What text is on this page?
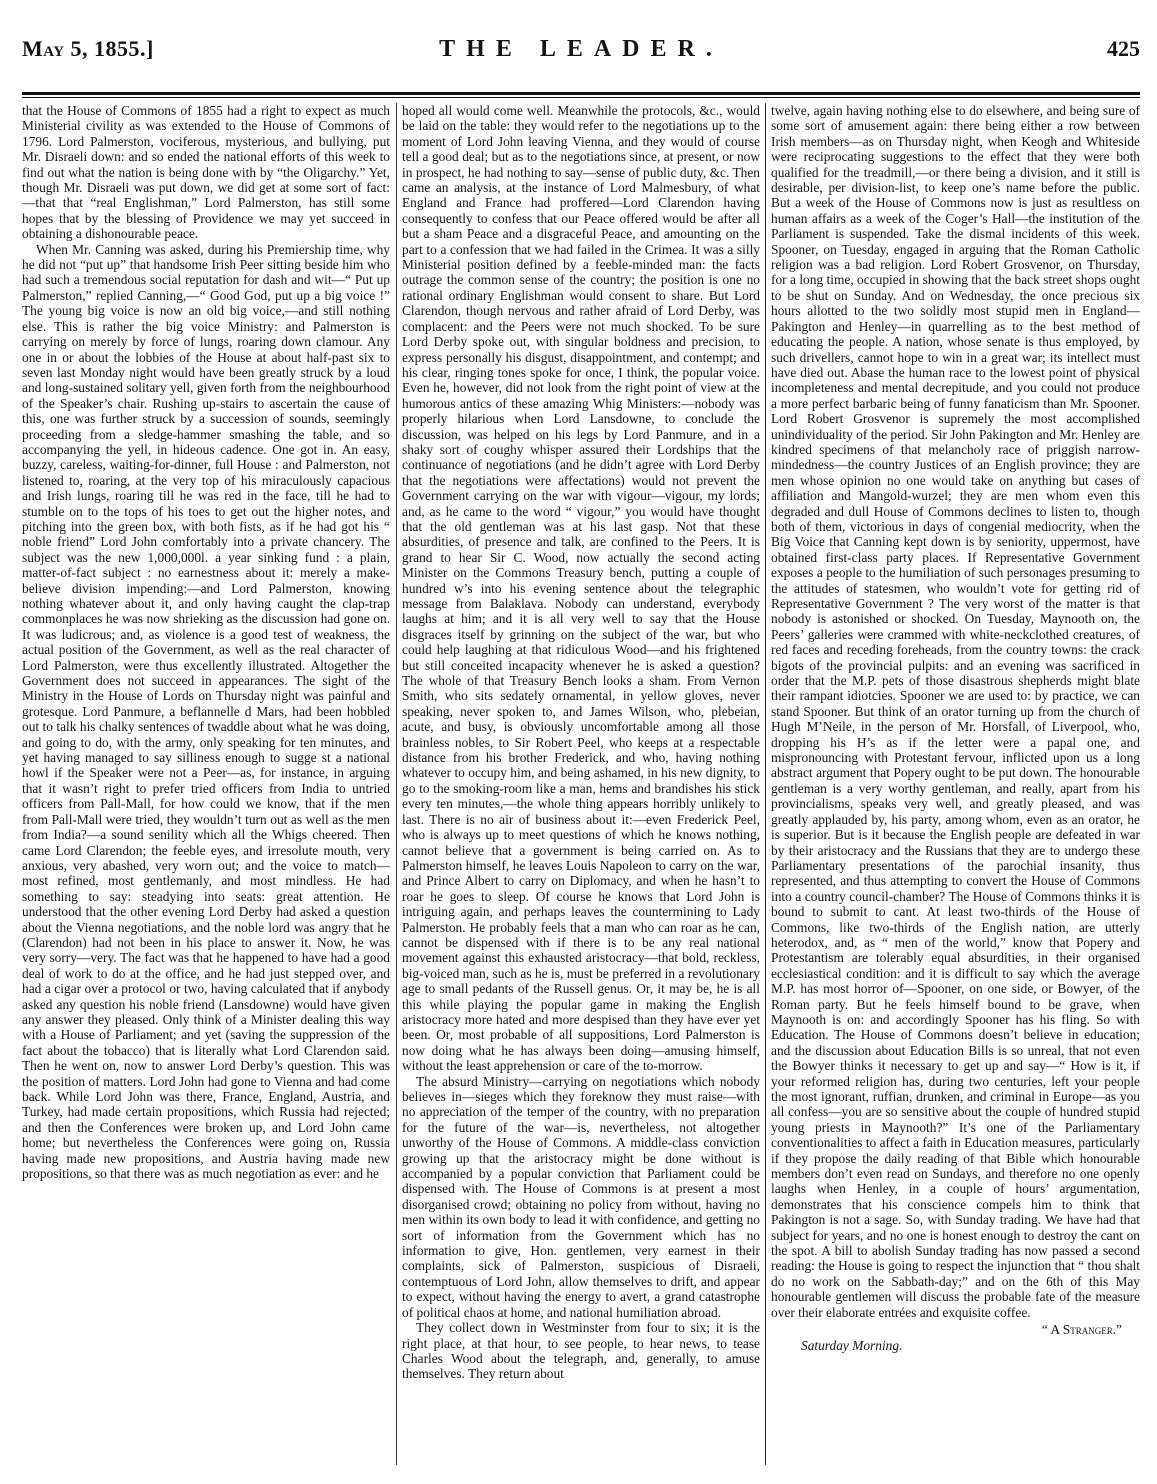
May 5, 1855.]	THE LEADER.	425

that the House of Commons of 1855 had a right to expect as much Ministerial civility as was extended to the House of Commons of 1796. Lord Palmerston, vociferous, mysterious, and bullying, put Mr. Disraeli down: and so ended the national efforts of this week to find out what the nation is being done with by “the Oligarchy.” Yet, though Mr. Disraeli was put down, we did get at some sort of fact:—that that “real Englishman,” Lord Palmerston, has still some hopes that by the blessing of Providence we may yet succeed in obtaining a dishonourable peace.

When Mr. Canning was asked, during his Premiership time, why he did not “put up” that handsome Irish Peer sitting beside him who had such a tremendous social reputation for dash and wit—“ Put up Palmerston,” replied Canning,—“ Good God, put up a big voice !” The young big voice is now an old big voice,—and still nothing else. This is rather the big voice Ministry: and Palmerston is carrying on merely by force of lungs, roaring down clamour. Any one in or about the lobbies of the House at about half-past six to seven last Monday night would have been greatly struck by a loud and long-sustained solitary yell, given forth from the neighbourhood of the Speaker’s chair. Rushing up-stairs to ascertain the cause of this, one was further struck by a succession of sounds, seemingly proceeding from a sledge-hammer smashing the table, and so accompanying the yell, in hideous cadence. One got in. An easy, buzzy, careless, waiting-for-dinner, full House : and Palmerston, not listened to, roaring, at the very top of his miraculously capacious and Irish lungs, roaring till he was red in the face, till he had to stumble on to the tops of his toes to get out the higher notes, and pitching into the green box, with both fists, as if he had got his “ noble friend” Lord John comfortably into a private chancery. The subject was the new 1,000,000l. a year sinking fund : a plain, matter-of-fact subject : no earnestness about it: merely a make-believe division impending:—and Lord Palmerston, knowing nothing whatever about it, and only having caught the clap-trap commonplaces he was now shrieking as the discussion had gone on. It was ludicrous; and, as violence is a good test of weakness, the actual position of the Government, as well as the real character of Lord Palmerston, were thus excellently illustrated. Altogether the Government does not succeed in appearances. The sight of the Ministry in the House of Lords on Thursday night was painful and grotesque. Lord Panmure, a beflannelle d Mars, had been hobbled out to talk his chalky sentences of twaddle about what he was doing, and going to do, with the army, only speaking for ten minutes, and yet having managed to say silliness enough to sugge st a national howl if the Speaker were not a Peer—as, for instance, in arguing that it wasn’t right to prefer tried officers from India to untried officers from Pall-Mall, for how could we know, that if the men from Pall-Mall were tried, they wouldn’t turn out as well as the men from India?—a sound senility which all the Whigs cheered. Then came Lord Clarendon; the feeble eyes, and irresolute mouth, very anxious, very abashed, very worn out; and the voice to match—most refined, most gentlemanly, and most mindless. He had something to say: steadying into seats: great attention. He understood that the other evening Lord Derby had asked a question about the Vienna negotiations, and the noble lord was angry that he (Clarendon) had not been in his place to answer it. Now, he was very sorry—very. The fact was that he happened to have had a good deal of work to do at the office, and he had just stepped over, and had a cigar over a protocol or two, having calculated that if anybody asked any question his noble friend (Lansdowne) would have given any answer they pleased. Only think of a Minister dealing this way with a House of Parliament; and yet (saving the suppression of the fact about the tobacco) that is literally what Lord Clarendon said. Then he went on, now to answer Lord Derby’s question. This was the position of matters. Lord John had gone to Vienna and had come back. While Lord John was there, France, England, Austria, and Turkey, had made certain propositions, which Russia had rejected; and then the Conferences were broken up, and Lord John came home; but nevertheless the Conferences were going on, Russia having made new propositions, and Austria having made new propositions, so that there was as much negotiation as ever: and he

hoped all would come well. Meanwhile the protocols, &c., would be laid on the table: they would refer to the negotiations up to the moment of Lord John leaving Vienna, and they would of course tell a good deal; but as to the negotiations since, at present, or now in prospect, he had nothing to say—sense of public duty, &c. Then came an analysis, at the instance of Lord Malmesbury, of what England and France had proffered—Lord Clarendon having consequently to confess that our Peace offered would be after all but a sham Peace and a disgraceful Peace, and amounting on the part to a confession that we had failed in the Crimea. It was a silly Ministerial position defined by a feeble-minded man: the facts outrage the common sense of the country; the position is one no rational ordinary Englishman would consent to share. But Lord Clarendon, though nervous and rather afraid of Lord Derby, was complacent: and the Peers were not much shocked. To be sure Lord Derby spoke out, with singular boldness and precision, to express personally his disgust, disappointment, and contempt; and his clear, ringing tones spoke for once, I think, the popular voice. Even he, however, did not look from the right point of view at the humorous antics of these amazing Whig Ministers:—nobody was properly hilarious when Lord Lansdowne, to conclude the discussion, was helped on his legs by Lord Panmure, and in a shaky sort of coughy whisper assured their Lordships that the continuance of negotiations (and he didn’t agree with Lord Derby that the negotiations were affectations) would not prevent the Government carrying on the war with vigour—vigour, my lords; and, as he came to the word “ vigour,” you would have thought that the old gentleman was at his last gasp. Not that these absurdities, of presence and talk, are confined to the Peers. It is grand to hear Sir C. Wood, now actually the second acting Minister on the Commons Treasury bench, putting a couple of hundred w’s into his evening sentence about the telegraphic message from Balaklava. Nobody can understand, everybody laughs at him; and it is all very well to say that the House disgraces itself by grinning on the subject of the war, but who could help laughing at that ridiculous Wood—and his frightened but still conceited incapacity whenever he is asked a question? The whole of that Treasury Bench looks a sham. From Vernon Smith, who sits sedately ornamental, in yellow gloves, never speaking, never spoken to, and James Wilson, who, plebeian, acute, and busy, is obviously uncomfortable among all those brainless nobles, to Sir Robert Peel, who keeps at a respectable distance from his brother Frederick, and who, having nothing whatever to occupy him, and being ashamed, in his new dignity, to go to the smoking-room like a man, hems and brandishes his stick every ten minutes,—the whole thing appears horribly unlikely to last. There is no air of business about it:—even Frederick Peel, who is always up to meet questions of which he knows nothing, cannot believe that a government is being carried on. As to Palmerston himself, he leaves Louis Napoleon to carry on the war, and Prince Albert to carry on Diplomacy, and when he hasn’t to roar he goes to sleep. Of course he knows that Lord John is intriguing again, and perhaps leaves the countermining to Lady Palmerston. He probably feels that a man who can roar as he can, cannot be dispensed with if there is to be any real national movement against this exhausted aristocracy—that bold, reckless, big-voiced man, such as he is, must be preferred in a revolutionary age to small pedants of the Russell genus. Or, it may be, he is all this while playing the popular game in making the English aristocracy more hated and more despised than they have ever yet been. Or, most probable of all suppositions, Lord Palmerston is now doing what he has always been doing—amusing himself, without the least apprehension or care of the to-morrow.

The absurd Ministry—carrying on negotiations which nobody believes in—sieges which they foreknow they must raise—with no appreciation of the temper of the country, with no preparation for the future of the war—is, nevertheless, not altogether unworthy of the House of Commons. A middle-class conviction growing up that the aristocracy might be done without is accompanied by a popular conviction that Parliament could be dispensed with. The House of Commons is at present a most disorganised crowd; obtaining no policy from without, having no men within its own body to lead it with confidence, and getting no sort of information from the Government which has no information to give, Hon. gentlemen, very earnest in their complaints, sick of Palmerston, suspicious of Disraeli, contemptuous of Lord John, allow themselves to drift, and appear to expect, without having the energy to avert, a grand catastrophe of political chaos at home, and national humiliation abroad.

They collect down in Westminster from four to six; it is the right place, at that hour, to see people, to hear news, to tease Charles Wood about the telegraph, and, generally, to amuse themselves. They return about

twelve, again having nothing else to do elsewhere, and being sure of some sort of amusement again: there being either a row between Irish members—as on Thursday night, when Keogh and Whiteside were reciprocating suggestions to the effect that they were both qualified for the treadmill,—or there being a division, and it still is desirable, per division-list, to keep one’s name before the public. But a week of the House of Commons now is just as resultless on human affairs as a week of the Coger’s Hall—the institution of the Parliament is suspended. Take the dismal incidents of this week. Spooner, on Tuesday, engaged in arguing that the Roman Catholic religion was a bad religion. Lord Robert Grosvenor, on Thursday, for a long time, occupied in showing that the back street shops ought to be shut on Sunday. And on Wednesday, the once precious six hours allotted to the two solidly most stupid men in England—Pakington and Henley—in quarrelling as to the best method of educating the people. A nation, whose senate is thus employed, by such drivellers, cannot hope to win in a great war; its intellect must have died out. Abase the human race to the lowest point of physical incompleteness and mental decrepitude, and you could not produce a more perfect barbaric being of funny fanaticism than Mr. Spooner. Lord Robert Grosvenor is supremely the most accomplished unindividuality of the period. Sir John Pakington and Mr. Henley are kindred specimens of that melancholy race of priggish narrow-mindedness—the country Justices of an English province; they are men whose opinion no one would take on anything but cases of affiliation and Mangold-wurzel; they are men whom even this degraded and dull House of Commons declines to listen to, though both of them, victorious in days of congenial mediocrity, when the Big Voice that Canning kept down is by seniority, uppermost, have obtained first-class party places. If Representative Government exposes a people to the humiliation of such personages presuming to the attitudes of statesmen, who wouldn’t vote for getting rid of Representative Government ? The very worst of the matter is that nobody is astonished or shocked. On Tuesday, Maynooth on, the Peers’ galleries were crammed with white-neckclothed creatures, of red faces and receding foreheads, from the country towns: the crack bigots of the provincial pulpits: and an evening was sacrificed in order that the M.P. pets of those disastrous shepherds might blate their rampant idiotcies. Spooner we are used to: by practice, we can stand Spooner. But think of an orator turning up from the church of Hugh M’Neile, in the person of Mr. Horsfall, of Liverpool, who, dropping his H’s as if the letter were a papal one, and mispronouncing with Protestant fervour, inflicted upon us a long abstract argument that Popery ought to be put down. The honourable gentleman is a very worthy gentleman, and really, apart from his provincialisms, speaks very well, and greatly pleased, and was greatly applauded by, his party, among whom, even as an orator, he is superior. But is it because the English people are defeated in war by their aristocracy and the Russians that they are to undergo these Parliamentary presentations of the parochial insanity, thus represented, and thus attempting to convert the House of Commons into a country council-chamber? The House of Commons thinks it is bound to submit to cant. At least two-thirds of the House of Commons, like two-thirds of the English nation, are utterly heterodox, and, as “ men of the world,” know that Popery and Protestantism are tolerably equal absurdities, in their organised ecclesiastical condition: and it is difficult to say which the average M.P. has most horror of—Spooner, on one side, or Bowyer, of the Roman party. But he feels himself bound to be grave, when Maynooth is on: and accordingly Spooner has his fling. So with Education. The House of Commons doesn’t believe in education; and the discussion about Education Bills is so unreal, that not even the Bowyer thinks it necessary to get up and say—“ How is it, if your reformed religion has, during two centuries, left your people the most ignorant, ruffian, drunken, and criminal in Europe—as you all confess—you are so sensitive about the couple of hundred stupid young priests in Maynooth?” It’s one of the Parliamentary conventionalities to affect a faith in Education measures, particularly if they propose the daily reading of that Bible which honourable members don’t even read on Sundays, and therefore no one openly laughs when Henley, in a couple of hours’ argumentation, demonstrates that his conscience compels him to think that Pakington is not a sage. So, with Sunday trading. We have had that subject for years, and no one is honest enough to destroy the cant on the spot. A bill to abolish Sunday trading has now passed a second reading: the House is going to respect the injunction that “ thou shalt do no work on the Sabbath-day;” and on the 6th of this May honourable gentlemen will discuss the probable fate of the measure over their elaborate entrées and exquisite coffee.

“ A Stranger.”

Saturday Morning.
